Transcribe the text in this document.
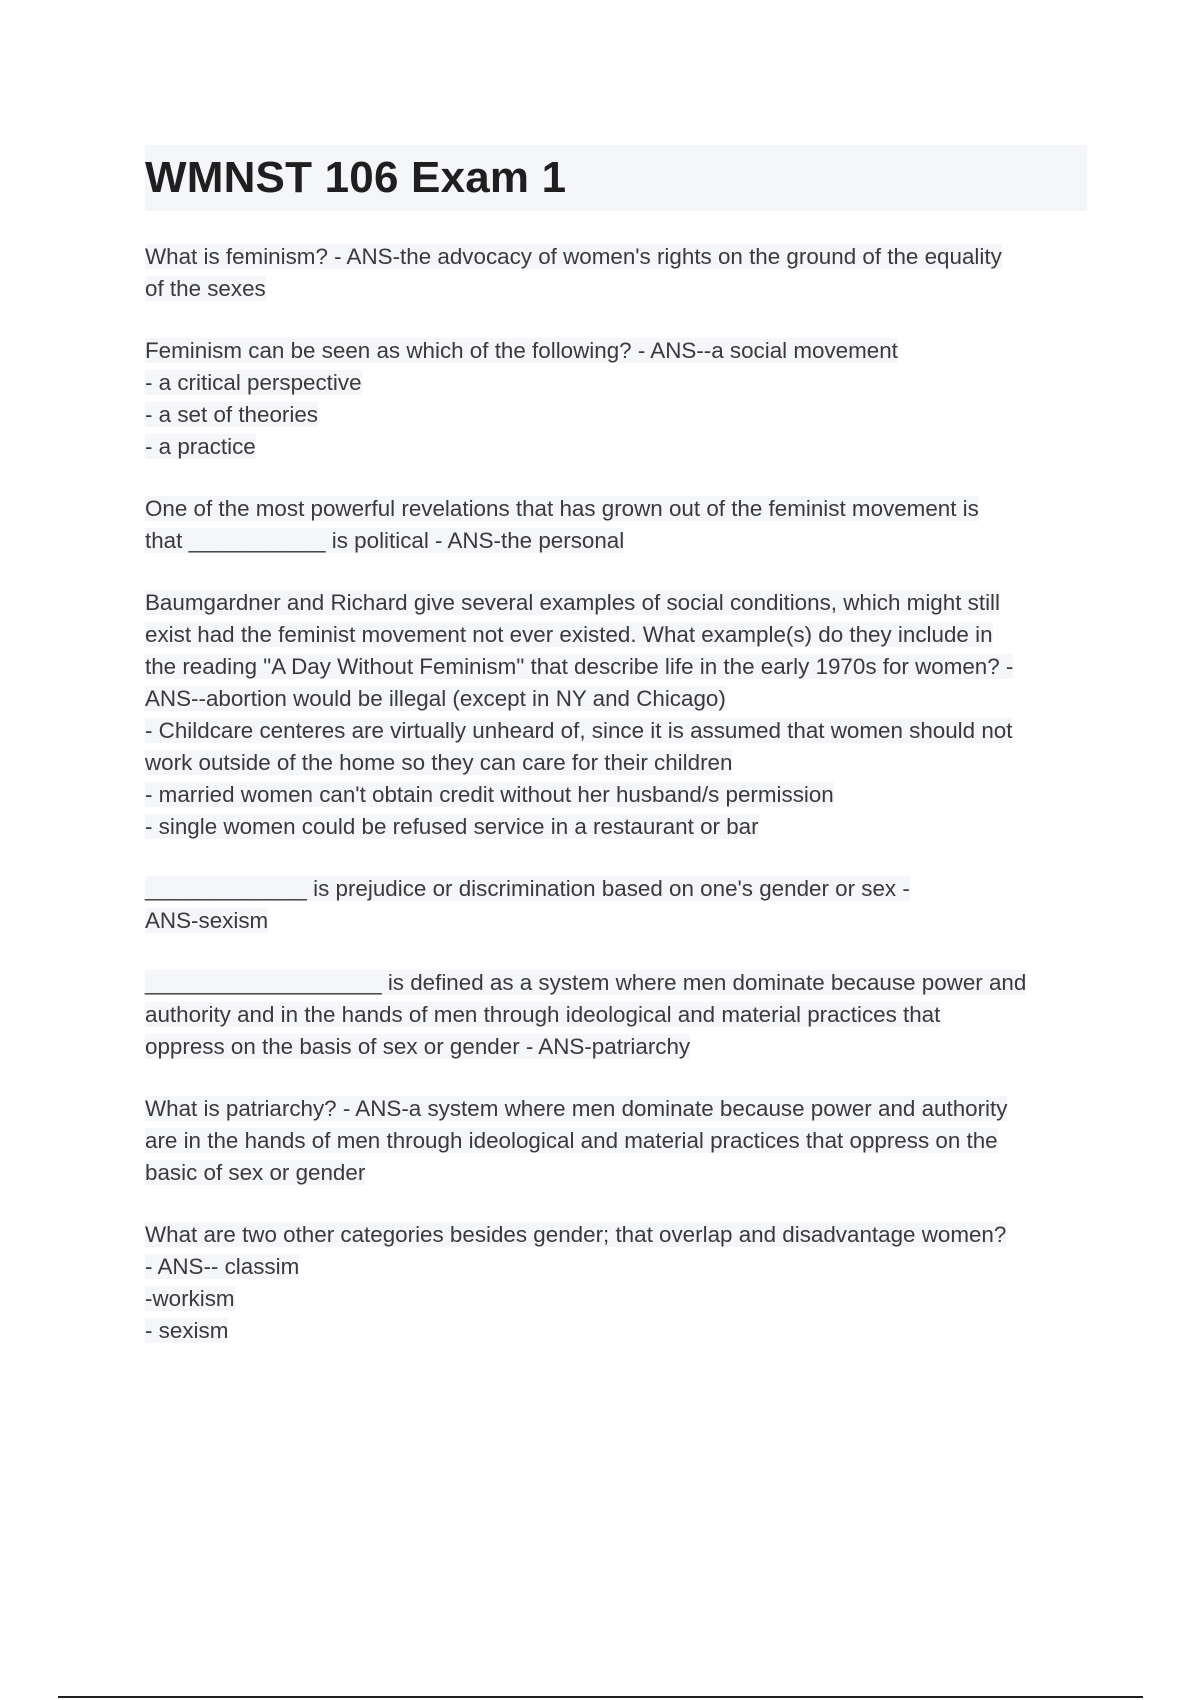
WMNST 106 Exam 1
What is feminism? - ANS-the advocacy of women's rights on the ground of the equality
of the sexes
Feminism can be seen as which of the following? - ANS--a social movement
- a critical perspective
- a set of theories
- a practice
One of the most powerful revelations that has grown out of the feminist movement is
that ___________ is political - ANS-the personal
Baumgardner and Richard give several examples of social conditions, which might still
exist had the feminist movement not ever existed. What example(s) do they include in
the reading "A Day Without Feminism" that describe life in the early 1970s for women? -
ANS--abortion would be illegal (except in NY and Chicago)
- Childcare centeres are virtually unheard of, since it is assumed that women should not
work outside of the home so they can care for their children
- married women can't obtain credit without her husband/s permission
- single women could be refused service in a restaurant or bar
_____________ is prejudice or discrimination based on one's gender or sex -
ANS-sexism
___________________ is defined as a system where men dominate because power and
authority and in the hands of men through ideological and material practices that
oppress on the basis of sex or gender - ANS-patriarchy
What is patriarchy? - ANS-a system where men dominate because power and authority
are in the hands of men through ideological and material practices that oppress on the
basic of sex or gender
What are two other categories besides gender; that overlap and disadvantage women?
- ANS-- classim
-workism
- sexism
